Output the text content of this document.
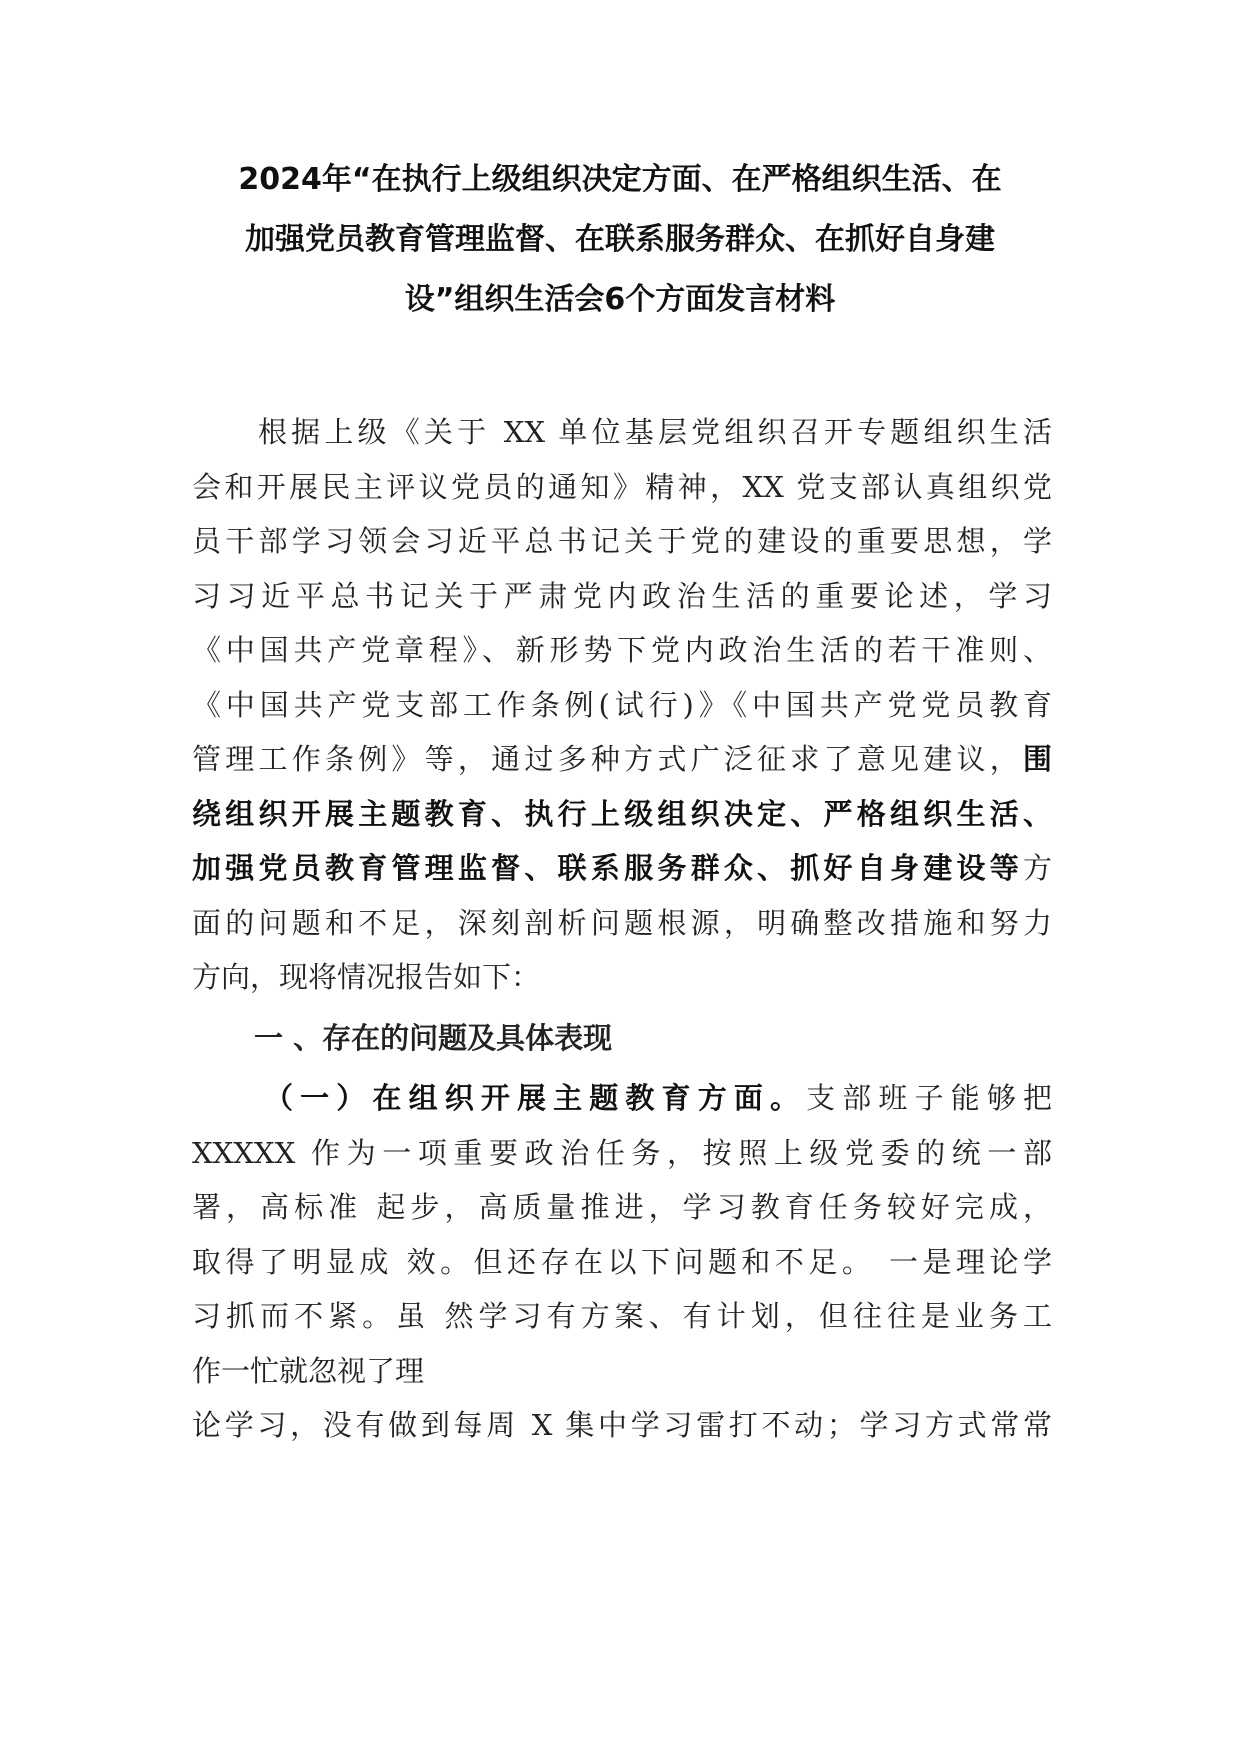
2024年“在执行上级组织决定方面、在严格组织生活、在
加强党员教育管理监督、在联系服务群众、在抓好自身建
设”组织生活会6个方面发言材料
根据上级《关于 XX 单位基层党组织召开专题组织生活
会和开展民主评议党员的通知》精神，XX 党支部认真组织党
员干部学习领会习近平总书记关于党的建设的重要思想，学
习习近平总书记关于严肃党内政治生活的重要论述，学习
《中国共产党章程》、新形势下党内政治生活的若干准则、
《中国共产党支部工作条例(试行)》《中国共产党党员教育
管理工作条例》等，通过多种方式广泛征求了意见建议，围
绕组织开展主题教育、执行上级组织决定、严格组织生活、
加强党员教育管理监督、联系服务群众、抓好自身建设等方
面的问题和不足，深刻剖析问题根源，明确整改措施和努力
方向，现将情况报告如下：
一 、存在的问题及具体表现
（一）在组织开展主题教育方面。支部班子能够把
XXXXX 作为一项重要政治任务，按照上级党委的统一部
署，高标准 起步，高质量推进，学习教育任务较好完成，
取得了明显成 效。但还存在以下问题和不足。 一是理论学
习抓而不紧。虽 然学习有方案、有计划，但往往是业务工
作一忙就忽视了理
论学习，没有做到每周 X 集中学习雷打不动；学习方式常常
